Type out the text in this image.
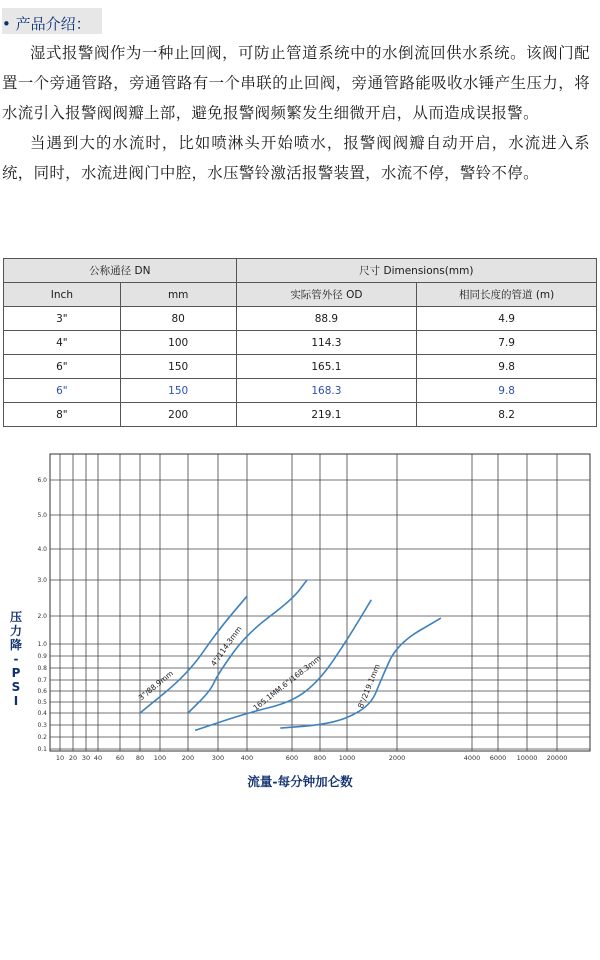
• 产品介绍：

湿式报警阀作为一种止回阀，可防止管道系统中的水倒流回供水系统。该阀门配置一个旁通管路，旁通管路有一个串联的止回阀，旁通管路能吸收水锤产生压力，将水流引入报警阀阀瓣上部，避免报警阀频繁发生细微开启，从而造成误报警。

当遇到大的水流时，比如喷淋头开始喷水，报警阀阀瓣自动开启，水流进入系统，同时，水流进阀门中腔，水压警铃激活报警装置，水流不停，警铃不停。

公称通径 DN		尺寸 Dimensions(mm)	
Inch	mm	实际管外径 OD	相同长度的管道 (m)
3"	80	88.9	4.9
4"	100	114.3	7.9
6"	150	165.1	9.8
6"	150	168.3	9.8
8"	200	219.1	8.2
10 20 30 40 60 80 100 200	300	400	600 800 1000	2000	4000 6000 10000 20000
0.1
0.2
0.3
0.4
0.5
0.6
0.7
0.8
0.9
1.0
2.0
3.0
4.0
5.0
6.0
3"/88.9mm
4"/114.3mm
165.1MM.6"/168.3mm	8"/219.1mm
压
力
降
-
P
S
I
流量-每分钟加仑数
